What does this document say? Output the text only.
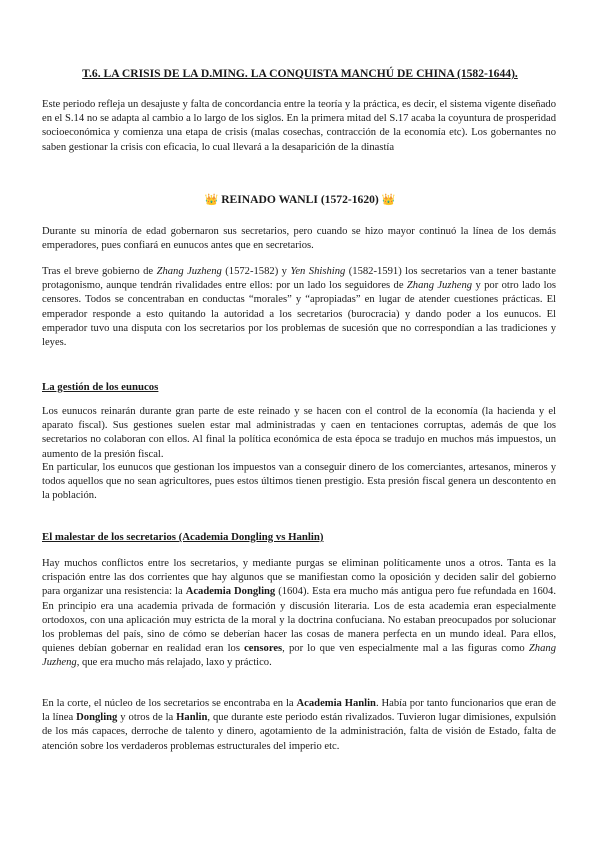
T.6. LA CRISIS DE LA D.MING. LA CONQUISTA MANCHÚ DE CHINA (1582-1644).

Este periodo refleja un desajuste y falta de concordancia entre la teoría y la práctica, es decir, el sistema vigente diseñado en el S.14 no se adapta al cambio a lo largo de los siglos. En la primera mitad del S.17 acaba la coyuntura de prosperidad socioeconómica y comienza una etapa de crisis (malas cosechas, contracción de la economía etc). Los gobernantes no saben gestionar la crisis con eficacia, lo cual llevará a la desaparición de la dinastía

👑 REINADO WANLI (1572-1620) 👑

Durante su minoría de edad gobernaron sus secretarios, pero cuando se hizo mayor continuó la línea de los demás emperadores, pues confiará en eunucos antes que en secretarios.

Tras el breve gobierno de Zhang Juzheng (1572-1582) y Yen Shishing (1582-1591) los secretarios van a tener bastante protagonismo, aunque tendrán rivalidades entre ellos: por un lado los seguidores de Zhang Juzheng y por otro lado los censores. Todos se concentraban en conductas “morales” y “apropiadas” en lugar de atender cuestiones prácticas. El emperador responde a esto quitando la autoridad a los secretarios (burocracia) y dando poder a los eunucos. El emperador tuvo una disputa con los secretarios por los problemas de sucesión que no correspondían a las tradiciones y leyes.

La gestión de los eunucos

Los eunucos reinarán durante gran parte de este reinado y se hacen con el control de la economía (la hacienda y el aparato fiscal). Sus gestiones suelen estar mal administradas y caen en tentaciones corruptas, además de que los secretarios no colaboran con ellos. Al final la política económica de esta época se tradujo en muchos más impuestos, un aumento de la presión fiscal.

En particular, los eunucos que gestionan los impuestos van a conseguir dinero de los comerciantes, artesanos, mineros y todos aquellos que no sean agricultores, pues estos últimos tienen prestigio. Esta presión fiscal genera un descontento en la población.

El malestar de los secretarios (Academia Dongling vs Hanlin)

Hay muchos conflictos entre los secretarios, y mediante purgas se eliminan políticamente unos a otros. Tanta es la crispación entre las dos corrientes que hay algunos que se manifiestan como la oposición y deciden salir del gobierno para organizar una resistencia: la Academia Dongling (1604). Esta era mucho más antigua pero fue refundada en 1604. En principio era una academia privada de formación y discusión literaria. Los de esta academia eran especialmente ortodoxos, con una aplicación muy estricta de la moral y la doctrina confuciana. No estaban preocupados por solucionar los problemas del país, sino de cómo se deberían hacer las cosas de manera perfecta en un mundo ideal. Para ellos, quienes debían gobernar en realidad eran los censores, por lo que ven especialmente mal a las figuras como Zhang Juzheng, que era mucho más relajado, laxo y práctico.

En la corte, el núcleo de los secretarios se encontraba en la Academia Hanlin. Había por tanto funcionarios que eran de la línea Dongling y otros de la Hanlin, que durante este periodo están rivalizados. Tuvieron lugar dimisiones, expulsión de los más capaces, derroche de talento y dinero, agotamiento de la administración, falta de visión de Estado, falta de atención sobre los verdaderos problemas estructurales del imperio etc.
